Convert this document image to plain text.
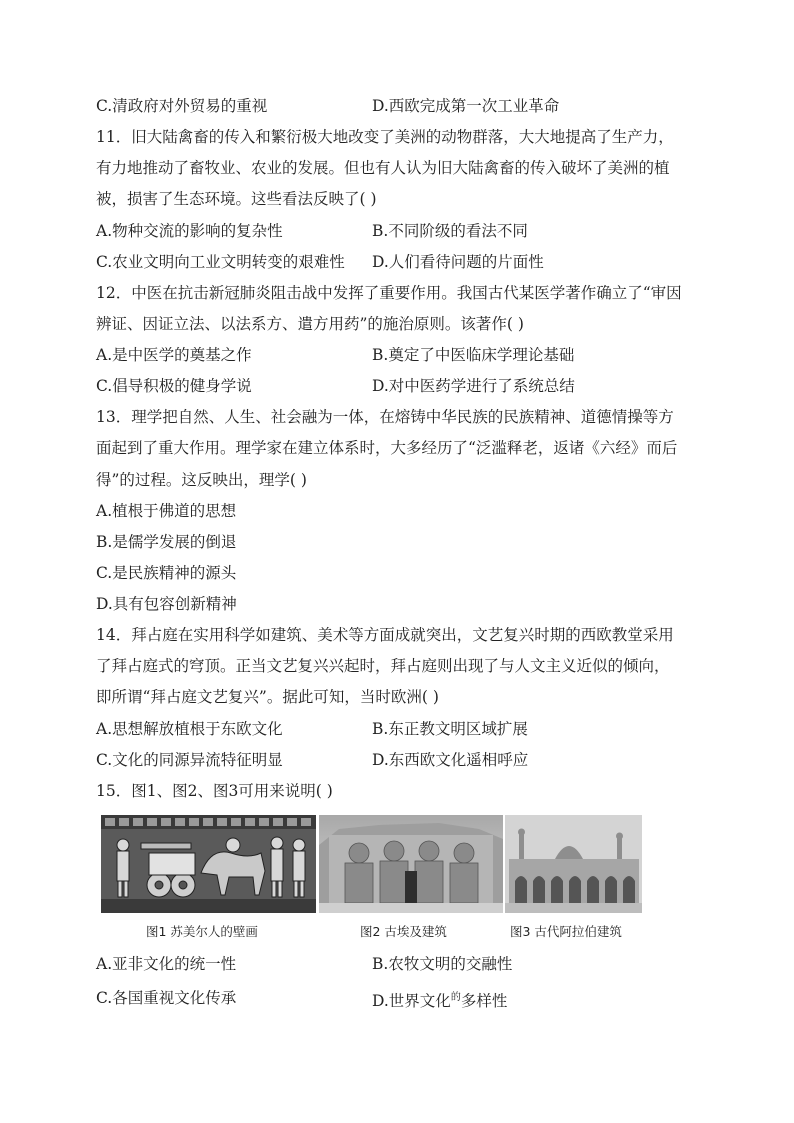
C.清政府对外贸易的重视	D.西欧完成第一次工业革命
11．旧大陆禽畜的传入和繁衍极大地改变了美洲的动物群落，大大地提高了生产力，
有力地推动了畜牧业、农业的发展。但也有人认为旧大陆禽畜的传入破坏了美洲的植
被，损害了生态环境。这些看法反映了( )
A.物种交流的影响的复杂性	B.不同阶级的看法不同
C.农业文明向工业文明转变的艰难性 D.人们看待问题的片面性
12．中医在抗击新冠肺炎阻击战中发挥了重要作用。我国古代某医学著作确立了“审因
辨证、因证立法、以法系方、遣方用药”的施治原则。该著作( )
A.是中医学的奠基之作	B.奠定了中医临床学理论基础
C.倡导积极的健身学说	D.对中医药学进行了系统总结
13．理学把自然、人生、社会融为一体，在熔铸中华民族的民族精神、道德情操等方
面起到了重大作用。理学家在建立体系时，大多经历了“泛滥释老，返诸《六经》而后
得”的过程。这反映出，理学( )
A.植根于佛道的思想
B.是儒学发展的倒退
C.是民族精神的源头
D.具有包容创新精神
14．拜占庭在实用科学如建筑、美术等方面成就突出，文艺复兴时期的西欧教堂采用
了拜占庭式的穹顶。正当文艺复兴兴起时，拜占庭则出现了与人文主义近似的倾向，
即所谓“拜占庭文艺复兴”。据此可知，当时欧洲( )
A.思想解放植根于东欧文化	B.东正教文明区域扩展
C.文化的同源异流特征明显	D.东西欧文化遥相呼应
15．图1、图2、图3可用来说明( )
图1 苏美尔人的壁画	图2 古埃及建筑	图3 古代阿拉伯建筑
A.亚非文化的统一性	B.农牧文明的交融性
C.各国重视文化传承	D.世界文化$^的$多样性
